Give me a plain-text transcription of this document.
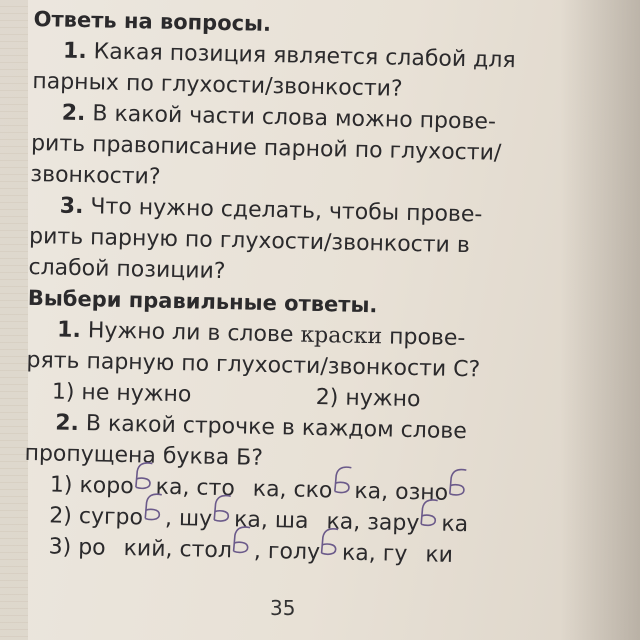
Ответь на вопросы.
1. Какая позиция является слабой для
парных по глухости/звонкости?
2. В какой части слова можно прове-
рить правописание парной по глухости/
звонкости?
3. Что нужно сделать, чтобы прове-
рить парную по глухости/звонкости в
слабой позиции?
Выбери правильные ответы.
1. Нужно ли в слове краски прове-
рять парную по глухости/звонкости С?
1) не нужно	2) нужно
2. В какой строчке в каждом слове
пропущена буква Б?
1) коро ка, сто ка, ско ка, озно
2) сугро , шу ка, ша ка, зару ка
3) ро кий, стол , голу ка, гу ки
35
